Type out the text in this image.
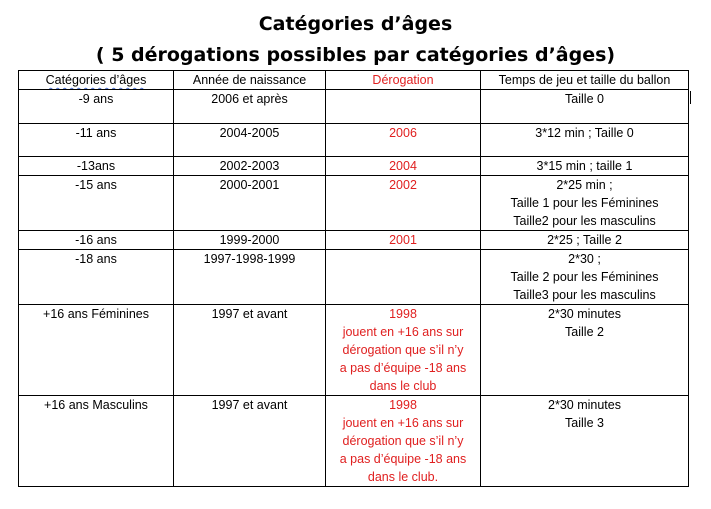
Catégories d’âges
( 5 dérogations possibles par catégories d’âges)
Catégories d’âges	Année de naissance	Dérogation	Temps de jeu et taille du ballon
-9 ans	2006 et après		Taille 0

-11 ans	2004-2005	2006	3*12 min ; Taille 0

-13ans	2002-2003	2004	3*15 min ; taille 1

-15 ans	2000-2001	2002	2*25 min ;
Taille 1 pour les Féminines
Taille2 pour les masculins

-16 ans	1999-2000	2001	2*25 ; Taille 2

-18 ans	1997-1998-1999		2*30 ;
Taille 2 pour les Féminines
Taille3 pour les masculins

+16 ans Féminines	1997 et avant	1998
jouent en +16 ans sur
dérogation que s’il n’y
a pas d’équipe -18 ans
dans le club	2*30 minutes
Taille 2

+16 ans Masculins	1997 et avant	1998
jouent en +16 ans sur
dérogation que s’il n’y
a pas d’équipe -18 ans
dans le club.	2*30 minutes
Taille 3
